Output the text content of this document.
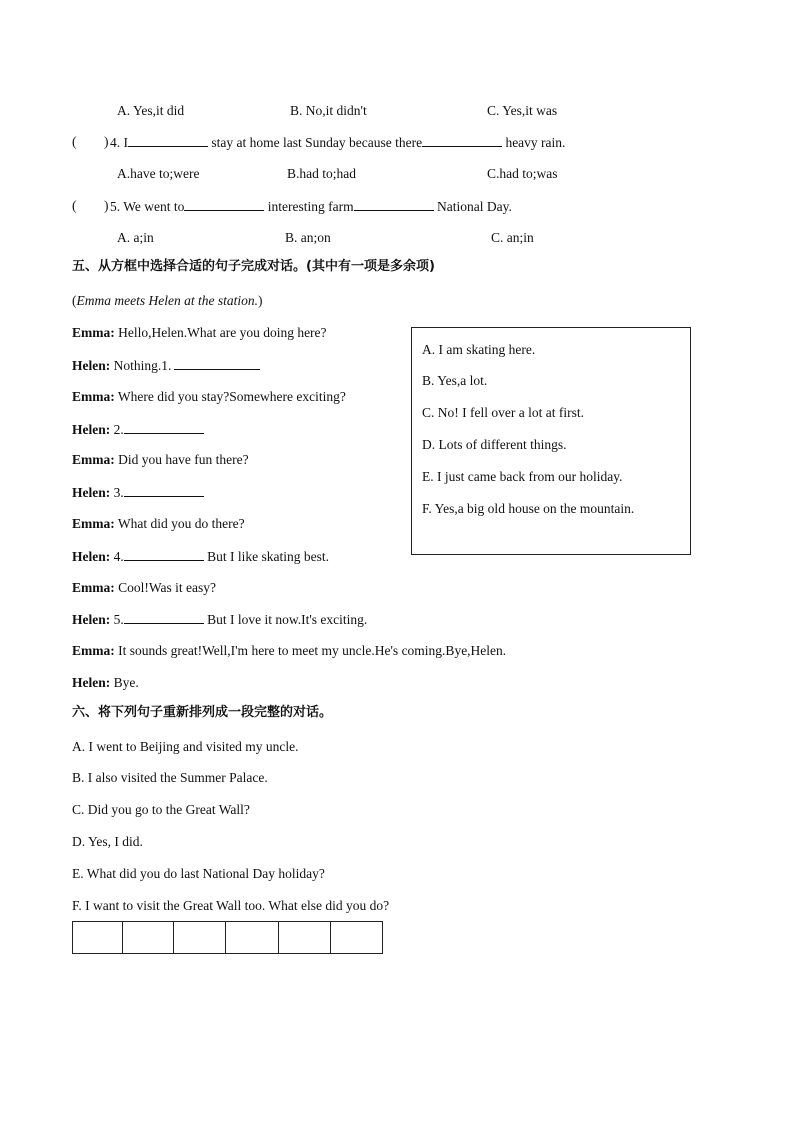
A. Yes,it did	B. No,it didn't	C. Yes,it was
( ) 4. I	stay at home last Sunday because there	heavy rain.
A.have to;were	B.had to;had	C.had to;was
( ) 5. We went to	interesting farm	National Day.
A. a;in	B. an;on	C. an;in
五、从方框中选择合适的句子完成对话。(其中有一项是多余项)
(Emma meets Helen at the station.)
Emma: Hello,Helen.What are you doing here?
Helen: Nothing.1.
Emma: Where did you stay?Somewhere exciting?
Helen: 2.
Emma: Did you have fun there?
Helen: 3.
Emma: What did you do there?
Helen: 4.	But I like skating best.
Emma: Cool!Was it easy?
Helen: 5.	But I love it now.It's exciting.
Emma: It sounds great!Well,I'm here to meet my uncle.He's coming.Bye,Helen.
Helen: Bye.
A. I am skating here.
B. Yes,a lot.
C. No! I fell over a lot at first.
D. Lots of different things.
E. I just came back from our holiday.
F. Yes,a big old house on the mountain.
六、将下列句子重新排列成一段完整的对话。
A. I went to Beijing and visited my uncle.
B. I also visited the Summer Palace.
C. Did you go to the Great Wall?
D. Yes, I did.
E. What did you do last National Day holiday?
F. I want to visit the Great Wall too. What else did you do?
